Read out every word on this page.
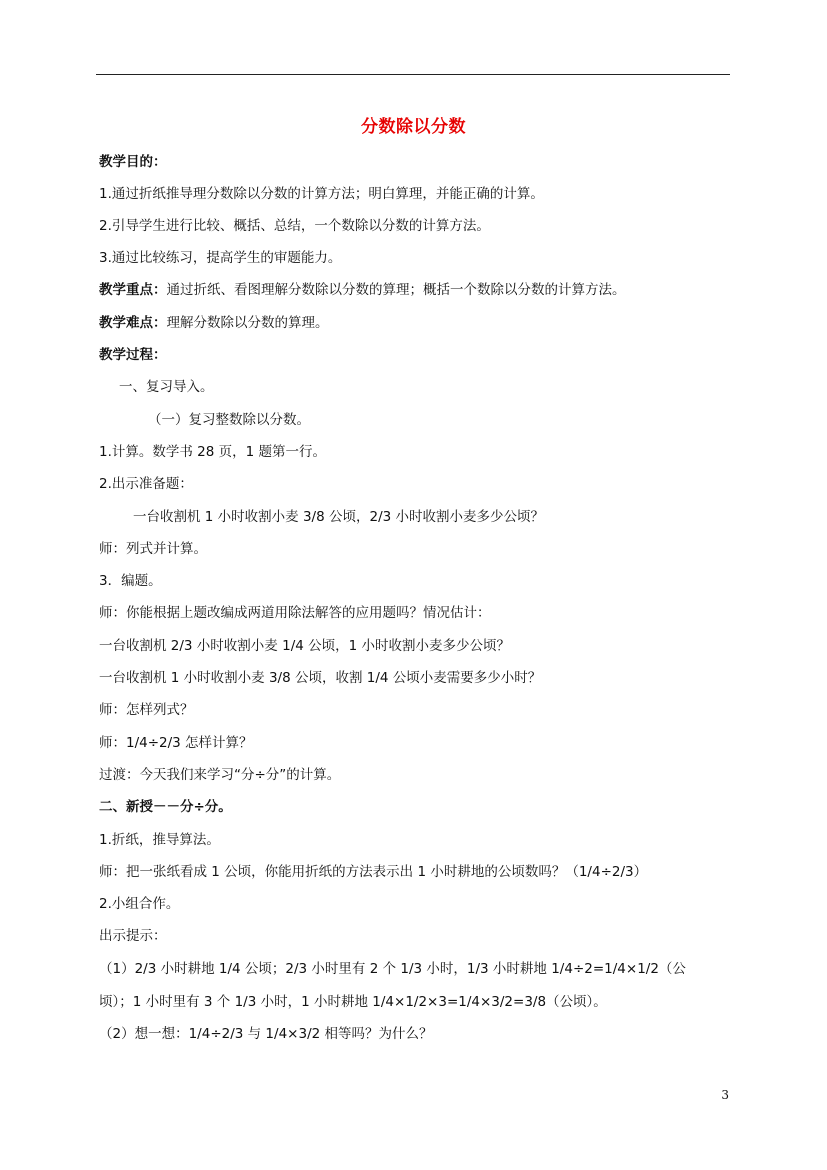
分数除以分数
教学目的：
1.通过折纸推导理分数除以分数的计算方法；明白算理，并能正确的计算。
2.引导学生进行比较、概括、总结，一个数除以分数的计算方法。
3.通过比较练习，提高学生的审题能力。
教学重点：通过折纸、看图理解分数除以分数的算理；概括一个数除以分数的计算方法。
教学难点：理解分数除以分数的算理。
教学过程：
一、复习导入。
（一）复习整数除以分数。
1.计算。数学书 28 页，1 题第一行。
2.出示准备题：
一台收割机 1 小时收割小麦 3/8 公顷，2/3 小时收割小麦多少公顷？
师：列式并计算。
3．编题。
师：你能根据上题改编成两道用除法解答的应用题吗？情况估计：
一台收割机 2/3 小时收割小麦 1/4 公顷，1 小时收割小麦多少公顷？
一台收割机 1 小时收割小麦 3/8 公顷，收割 1/4 公顷小麦需要多少小时？
师：怎样列式？
师：1/4÷2/3 怎样计算？
过渡：今天我们来学习“分÷分”的计算。
二、新授－－分÷分。
1.折纸，推导算法。
师：把一张纸看成 1 公顷，你能用折纸的方法表示出 1 小时耕地的公顷数吗？（1/4÷2/3）
2.小组合作。
出示提示：
（1）2/3 小时耕地 1/4 公顷；2/3 小时里有 2 个 1/3 小时，1/3 小时耕地 1/4÷2=1/4×1/2（公
顷）；1 小时里有 3 个 1/3 小时，1 小时耕地 1/4×1/2×3=1/4×3/2=3/8（公顷）。
（2）想一想：1/4÷2/3 与 1/4×3/2 相等吗？为什么？
3
